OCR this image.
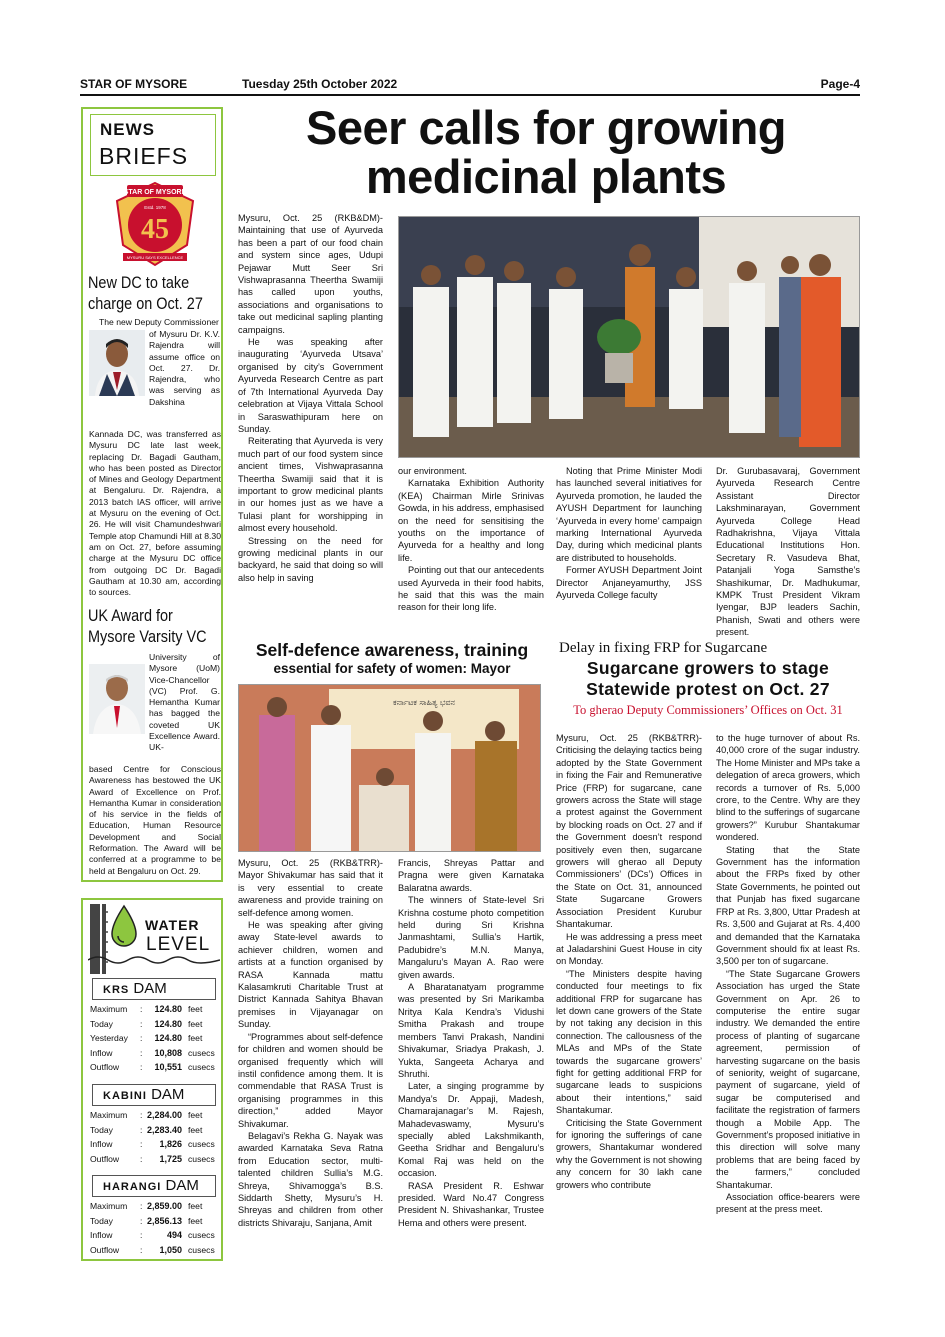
STAR OF MYSORE	Tuesday 25th October 2022	Page-4
NEWS
BRIEFS
STAR OF MYSORE
Estd. 1978
45
MYSURU SAYS EXCELLENCE
New DC to take
charge on Oct. 27
The new Deputy Commissioner
of Mysuru Dr. K.V. Rajendra will assume office on Oct. 27. Dr. Rajendra, who was serving as Dakshina
Kannada DC, was transferred as Mysuru DC late last week, replacing Dr. Bagadi Gautham, who has been posted as Director of Mines and Geology Department at Bengaluru. Dr. Rajendra, a 2013 batch IAS officer, will arrive at Mysuru on the evening of Oct. 26. He will visit Chamundeshwari Temple atop Chamundi Hill at 8.30 am on Oct. 27, before assuming charge at the Mysuru DC office from outgoing DC Dr. Bagadi Gautham at 10.30 am, according to sources.
UK Award for
Mysore Varsity VC
University of Mysore (UoM) Vice-Chancellor (VC) Prof. G. Hemantha Kumar has bagged the coveted UK Excellence Award. UK-
based Centre for Conscious Awareness has bestowed the UK Award of Excellence on Prof. Hemantha Kumar in consideration of his service in the fields of Education, Human Resource Development and Social Reformation. The Award will be conferred at a programme to be held at Bengaluru on Oct. 29.
WATER
LEVEL
KRS DAM
Maximum : 124.80 feet
Today	: 124.80 feet
Yesterday : 124.80 feet
Inflow	: 10,808 cusecs
Outflow : 10,551 cusecs
KABINI DAM
Maximum : 2,284.00 feet
Today	: 2,283.40 feet
Inflow	: 1,826 cusecs
Outflow : 1,725 cusecs
HARANGI DAM
Maximum : 2,859.00 feet
Today	: 2,856.13 feet
Inflow	:	494 cusecs
Outflow : 1,050 cusecs
Seer calls for growing
medicinal plants

Mysuru, Oct. 25 (RKB&DM)- Maintaining that use of Ayurveda has been a part of our food chain and system since ages, Udupi Pejawar Mutt Seer Sri Vishwaprasanna Theertha Swamiji has called upon youths, associations and organisations to take out medicinal sapling planting campaigns.

He was speaking after inaugurating ‘Ayurveda Utsava’ organised by city’s Government Ayurveda Research Centre as part of 7th International Ayurveda Day celebration at Vijaya Vittala School in Saraswathipuram here on Sunday.

Reiterating that Ayurveda is very much part of our food system since ancient times, Vishwaprasanna Theertha Swamiji said that it is important to grow medicinal plants in our homes just as we have a Tulasi plant for worshipping in almost every household.

Stressing on the need for growing medicinal plants in our backyard, he said that doing so will also help in saving

our environment.

Karnataka Exhibition Authority (KEA) Chairman Mirle Srinivas Gowda, in his address, emphasised on the need for sensitising the youths on the importance of Ayurveda for a healthy and long life.

Pointing out that our antecedents used Ayurveda in their food habits, he said that this was the main reason for their long life.

Noting that Prime Minister Modi has launched several initiatives for Ayurveda promotion, he lauded the AYUSH Department for launching ‘Ayurveda in every home’ campaign marking International Ayurveda Day, during which medicinal plants are distributed to households.

Former AYUSH Department Joint Director Anjaneyamurthy, JSS Ayurveda College faculty

Dr. Gurubasavaraj, Government Ayurveda Research Centre Assistant Director Lakshminarayan, Government Ayurveda College Head Radhakrishna, Vijaya Vittala Educational Institutions Hon. Secretary R. Vasudeva Bhat, Patanjali Yoga Samsthe’s Shashikumar, Dr. Madhukumar, KMPK Trust President Vikram Iyengar, BJP leaders Sachin, Phanish, Swati and others were present.

Self-defence awareness, training
essential for safety of women: Mayor
ಕರ್ನಾಟಕ ಸಾಹಿತ್ಯ ಭವನ

Mysuru, Oct. 25 (RKB&TRR)- Mayor Shivakumar has said that it is very essential to create awareness and provide training on self-defence among women.

He was speaking after giving away State-level awards to achiever children, women and artists at a function organised by RASA Kannada mattu Kalasamkruti Charitable Trust at District Kannada Sahitya Bhavan premises in Vijayanagar on Sunday.

“Programmes about self-defence for children and women should be organised frequently which will instil confidence among them. It is commendable that RASA Trust is organising programmes in this direction,” added Mayor Shivakumar.

Belagavi’s Rekha G. Nayak was awarded Karnataka Seva Ratna from Education sector, multi-talented children Sullia’s M.G. Shreya, Shivamogga’s B.S. Siddarth Shetty, Mysuru’s H. Shreyas and children from other districts Shivaraju, Sanjana, Amit

Francis, Shreyas Pattar and Pragna were given Karnataka Balaratna awards.

The winners of State-level Sri Krishna costume photo competition held during Sri Krishna Janmashtami, Sullia’s Hartik, Padubidre’s M.N. Manya, Mangaluru’s Mayan A. Rao were given awards.

A Bharatanatyam programme was presented by Sri Marikamba Nritya Kala Kendra’s Vidushi Smitha Prakash and troupe members Tanvi Prakash, Nandini Shivakumar, Sriadya Prakash, J. Yukta, Sangeeta Acharya and Shruthi.

Later, a singing programme by Mandya’s Dr. Appaji, Madesh, Chamarajanagar’s M. Rajesh, Mahadevaswamy, Mysuru’s specially abled Lakshmikanth, Geetha Sridhar and Bengaluru’s Komal Raj was held on the occasion.

RASA President R. Eshwar presided. Ward No.47 Congress President N. Shivashankar, Trustee Hema and others were present.

Delay in fixing FRP for Sugarcane
Sugarcane growers to stage
Statewide protest on Oct. 27
To gherao Deputy Commissioners’ Offices on Oct. 31

Mysuru, Oct. 25 (RKB&TRR)- Criticising the delaying tactics being adopted by the State Government in fixing the Fair and Remunerative Price (FRP) for sugarcane, cane growers across the State will stage a protest against the Government by blocking roads on Oct. 27 and if the Government doesn’t respond positively even then, sugarcane growers will gherao all Deputy Commissioners’ (DCs’) Offices in the State on Oct. 31, announced State Sugarcane Growers Association President Kurubur Shantakumar.

He was addressing a press meet at Jaladarshini Guest House in city on Monday.

“The Ministers despite having conducted four meetings to fix additional FRP for sugarcane has let down cane growers of the State by not taking any decision in this connection. The callousness of the MLAs and MPs of the State towards the sugarcane growers’ fight for getting additional FRP for sugarcane leads to suspicions about their intentions,” said Shantakumar.

Criticising the State Government for ignoring the sufferings of cane growers, Shantakumar wondered why the Government is not showing any concern for 30 lakh cane growers who contribute

to the huge turnover of about Rs. 40,000 crore of the sugar industry. The Home Minister and MPs take a delegation of areca growers, which records a turnover of Rs. 5,000 crore, to the Centre. Why are they blind to the sufferings of sugarcane growers?” Kurubur Shantakumar wondered.

Stating that the State Government has the information about the FRPs fixed by other State Governments, he pointed out that Punjab has fixed sugarcane FRP at Rs. 3,800, Uttar Pradesh at Rs. 3,500 and Gujarat at Rs. 4,400 and demanded that the Karnataka Government should fix at least Rs. 3,500 per ton of sugarcane.

“The State Sugarcane Growers Association has urged the State Government on Apr. 26 to computerise the entire sugar industry. We demanded the entire process of planting of sugarcane agreement, permission of harvesting sugarcane on the basis of seniority, weight of sugarcane, payment of sugarcane, yield of sugar be computerised and facilitate the registration of farmers though a Mobile App. The Government’s proposed initiative in this direction will solve many problems that are being faced by the farmers,” concluded Shantakumar.

Association office-bearers were present at the press meet.
